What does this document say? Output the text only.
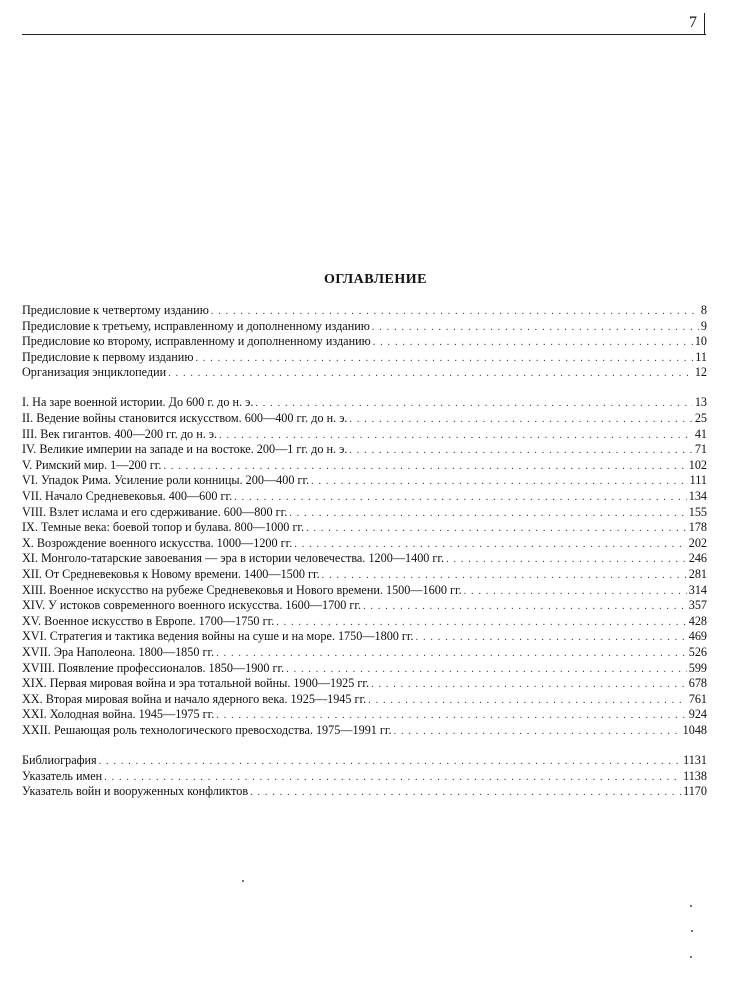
7
ОГЛАВЛЕНИЕ
Предисловие к четвертому изданию . . .	8
Предисловие к третьему, исправленному и дополненному изданию . . .	9
Предисловие ко второму, исправленному и дополненному изданию . . .	10
Предисловие к первому изданию . . .	11
Организация энциклопедии . . .	12
I. На заре военной истории. До 600 г. до н. э. . . .	13
II. Ведение войны становится искусством. 600—400 гг. до н. э. . . .	25
III. Век гигантов. 400—200 гг. до н. э. . . .	41
IV. Великие империи на западе и на востоке. 200—1 гг. до н. э. . . .	71
V. Римский мир. 1—200 гг. . . .	102
VI. Упадок Рима. Усиление роли конницы. 200—400 гг. . . .	111
VII. Начало Средневековья. 400—600 гг. . . .	134
VIII. Взлет ислама и его сдерживание. 600—800 гг. . . .	155
IX. Темные века: боевой топор и булава. 800—1000 гг. . . .	178
X. Возрождение военного искусства. 1000—1200 гг. . . .	202
XI. Монголо-татарские завоевания — эра в истории человечества. 1200—1400 гг. . . .	246
XII. От Средневековья к Новому времени. 1400—1500 гг. . . .	281
XIII. Военное искусство на рубеже Средневековья и Нового времени. 1500—1600 гг. . . .	314
XIV. У истоков современного военного искусства. 1600—1700 гг. . . .	357
XV. Военное искусство в Европе. 1700—1750 гг. . . .	428
XVI. Стратегия и тактика ведения войны на суше и на море. 1750—1800 гг. . . .	469
XVII. Эра Наполеона. 1800—1850 гг. . . .	526
XVIII. Появление профессионалов. 1850—1900 гг. . . .	599
XIX. Первая мировая война и эра тотальной войны. 1900—1925 гг. . . .	678
XX. Вторая мировая война и начало ядерного века. 1925—1945 гг. . . .	761
XXI. Холодная война. 1945—1975 гг. . . .	924
XXII. Решающая роль технологического превосходства. 1975—1991 гг. . . .	1048
Библиография . . .	1131
Указатель имен . . .	1138
Указатель войн и вооруженных конфликтов . . .	1170
